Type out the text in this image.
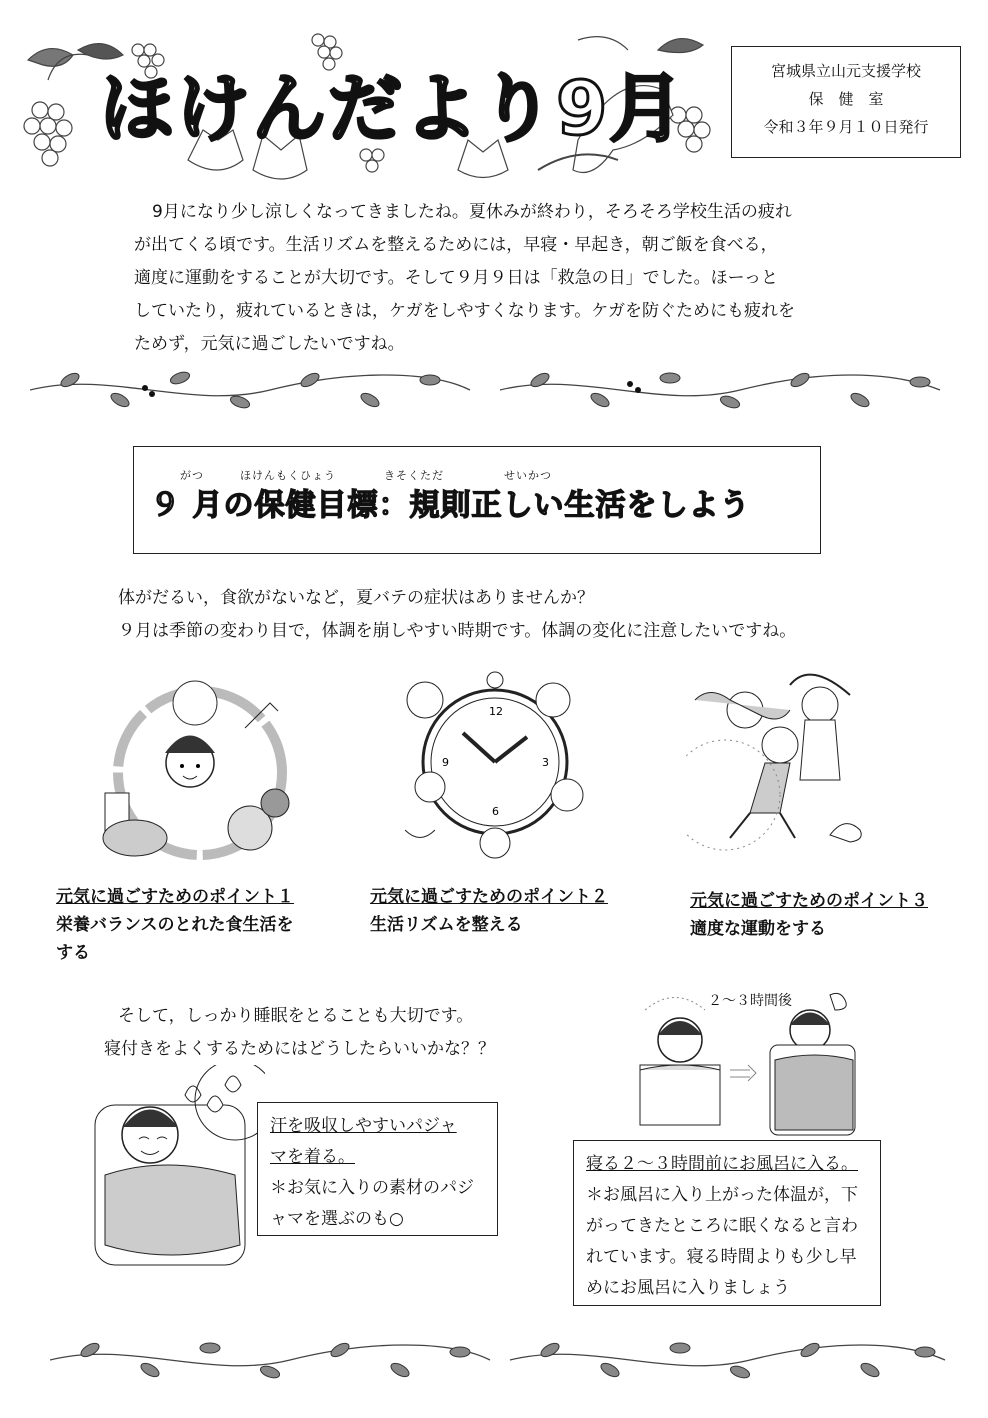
ほけんだより9月	宮城県立山元支援学校
保　健　室
令和３年９月１０日発行
9月になり少し涼しくなってきましたね。夏休みが終わり，そろそろ学校生活の疲れ
が出てくる頃です。生活リズムを整えるためには，早寝・早起き，朝ご飯を食べる，
適度に運動をすることが大切です。そして９月９日は「救急の日」でした。ほーっと
していたり，疲れているときは，ケガをしやすくなります。ケガを防ぐためにも疲れを
ためず，元気に過ごしたいですね。
がつ　　　ほけんもくひょう　　　　きそくただ　　　　　せいかつ
９ 月の保健目標：規則正しい生活をしよう
体がだるい，食欲がないなど，夏バテの症状はありませんか？
９月は季節の変わり目で，体調を崩しやすい時期です。体調の変化に注意したいですね。
12
9	3
6
元気に過ごすためのポイント１
栄養バランスのとれた食生活を
する
元気に過ごすためのポイント２
生活リズムを整える
元気に過ごすためのポイント３
適度な運動をする
そして，しっかり睡眠をとることも大切です。
寝付きをよくするためにはどうしたらいいかな？？
汗を吸収しやすいパジャ
マを着る。
＊お気に入りの素材のパジ
ャマを選ぶのも○
２～３時間後
寝る２～３時間前にお風呂に入る。
＊お風呂に入り上がった体温が，下
がってきたところに眠くなると言わ
れています。寝る時間よりも少し早
めにお風呂に入りましょう
